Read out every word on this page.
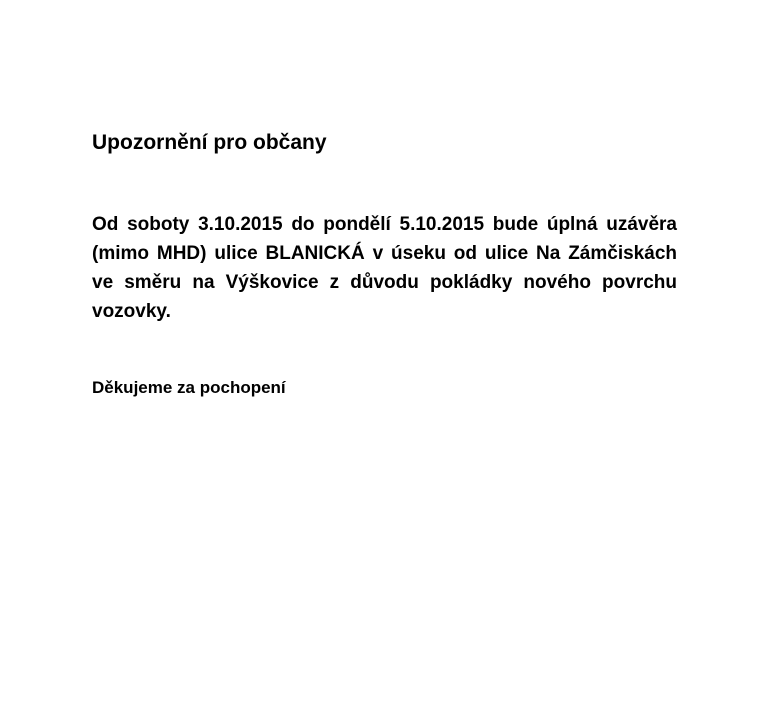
Upozornění pro občany
Od soboty 3.10.2015 do pondělí 5.10.2015 bude úplná uzávěra (mimo MHD) ulice BLANICKÁ v úseku od ulice Na Zámčiskách ve směru na Výškovice z důvodu pokládky nového povrchu vozovky.
Děkujeme za pochopení
